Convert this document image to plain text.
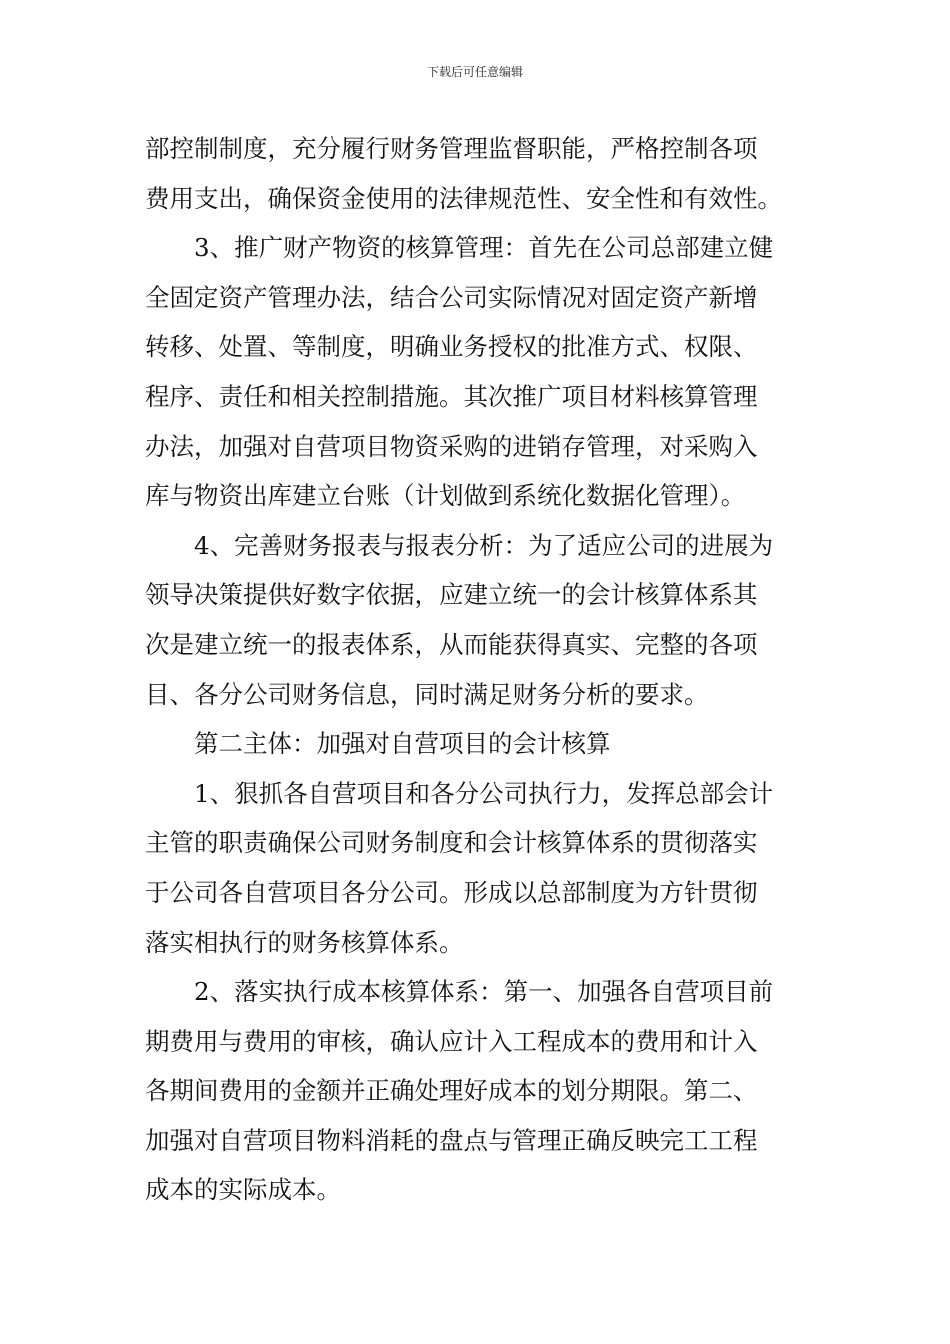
下载后可任意编辑
部控制制度，充分履行财务管理监督职能，严格控制各项
费用支出，确保资金使用的法律规范性、安全性和有效性。
3、推广财产物资的核算管理：首先在公司总部建立健
全固定资产管理办法，结合公司实际情况对固定资产新增
转移、处置、等制度，明确业务授权的批准方式、权限、
程序、责任和相关控制措施。其次推广项目材料核算管理
办法，加强对自营项目物资采购的进销存管理，对采购入
库与物资出库建立台账（计划做到系统化数据化管理）。
4、完善财务报表与报表分析：为了适应公司的进展为
领导决策提供好数字依据，应建立统一的会计核算体系其
次是建立统一的报表体系，从而能获得真实、完整的各项
目、各分公司财务信息，同时满足财务分析的要求。
第二主体：加强对自营项目的会计核算
1、狠抓各自营项目和各分公司执行力，发挥总部会计
主管的职责确保公司财务制度和会计核算体系的贯彻落实
于公司各自营项目各分公司。形成以总部制度为方针贯彻
落实相执行的财务核算体系。
2、落实执行成本核算体系：第一、加强各自营项目前
期费用与费用的审核，确认应计入工程成本的费用和计入
各期间费用的金额并正确处理好成本的划分期限。第二、
加强对自营项目物料消耗的盘点与管理正确反映完工工程
成本的实际成本。
